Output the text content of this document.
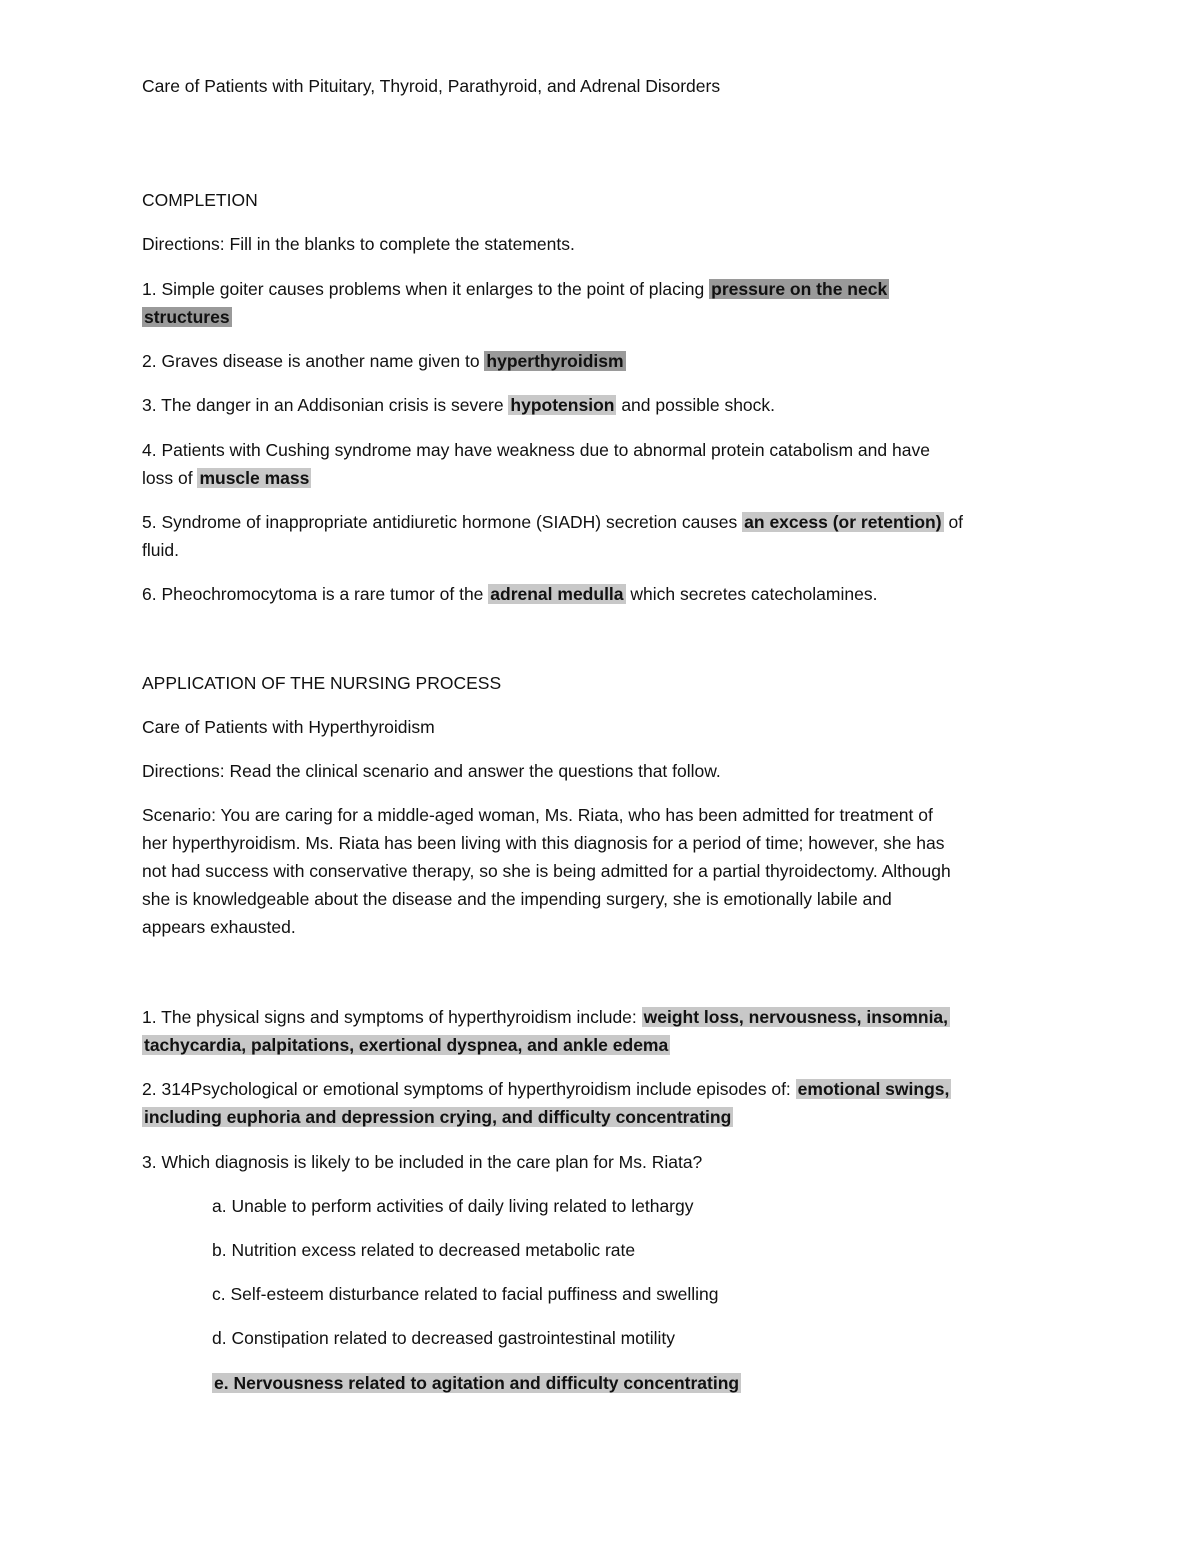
Care of Patients with Pituitary, Thyroid, Parathyroid, and Adrenal Disorders
COMPLETION
Directions: Fill in the blanks to complete the statements.
1. Simple goiter causes problems when it enlarges to the point of placing pressure on the neck
structures
2. Graves disease is another name given to hyperthyroidism
3. The danger in an Addisonian crisis is severe hypotension and possible shock.
4. Patients with Cushing syndrome may have weakness due to abnormal protein catabolism and have
loss of muscle mass
5. Syndrome of inappropriate antidiuretic hormone (SIADH) secretion causes an excess (or retention) of
fluid.
6. Pheochromocytoma is a rare tumor of the adrenal medulla which secretes catecholamines.
APPLICATION OF THE NURSING PROCESS
Care of Patients with Hyperthyroidism
Directions: Read the clinical scenario and answer the questions that follow.
Scenario: You are caring for a middle-aged woman, Ms. Riata, who has been admitted for treatment of
her hyperthyroidism. Ms. Riata has been living with this diagnosis for a period of time; however, she has
not had success with conservative therapy, so she is being admitted for a partial thyroidectomy. Although
she is knowledgeable about the disease and the impending surgery, she is emotionally labile and
appears exhausted.
1. The physical signs and symptoms of hyperthyroidism include: weight loss, nervousness, insomnia,
tachycardia, palpitations, exertional dyspnea, and ankle edema
2. 314Psychological or emotional symptoms of hyperthyroidism include episodes of: emotional swings,
including euphoria and depression crying, and difficulty concentrating
3. Which diagnosis is likely to be included in the care plan for Ms. Riata?
a. Unable to perform activities of daily living related to lethargy
b. Nutrition excess related to decreased metabolic rate
c. Self-esteem disturbance related to facial puffiness and swelling
d. Constipation related to decreased gastrointestinal motility
e. Nervousness related to agitation and difficulty concentrating
